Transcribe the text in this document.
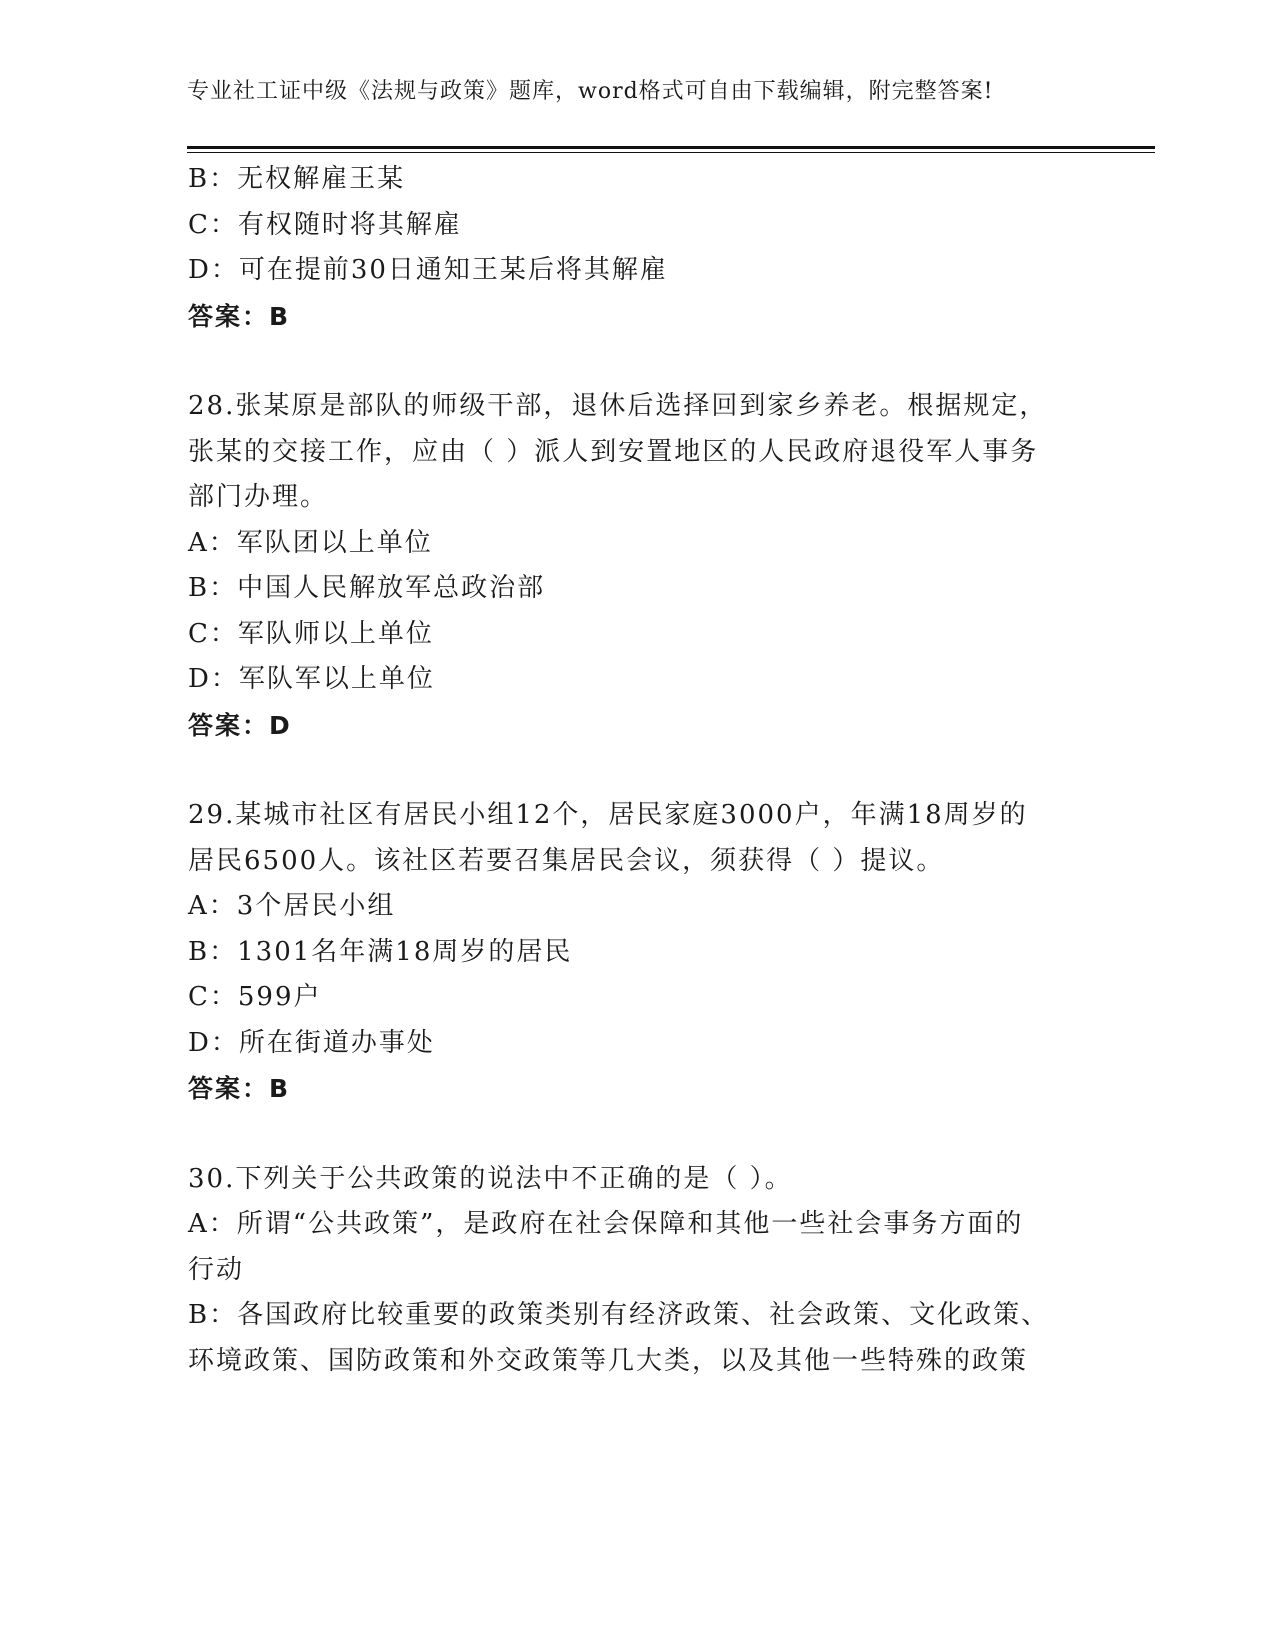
专业社工证中级《法规与政策》题库，word格式可自由下载编辑，附完整答案!
B：无权解雇王某
C：有权随时将其解雇
D：可在提前30日通知王某后将其解雇
答案：B
28.张某原是部队的师级干部，退休后选择回到家乡养老。根据规定，
张某的交接工作，应由（ ）派人到安置地区的人民政府退役军人事务
部门办理。
A：军队团以上单位
B：中国人民解放军总政治部
C：军队师以上单位
D：军队军以上单位
答案：D
29.某城市社区有居民小组12个，居民家庭3000户，年满18周岁的
居民6500人。该社区若要召集居民会议，须获得（ ）提议。
A：3个居民小组
B：1301名年满18周岁的居民
C：599户
D：所在街道办事处
答案：B
30.下列关于公共政策的说法中不正确的是（ ）。
A：所谓“公共政策”，是政府在社会保障和其他一些社会事务方面的
行动
B：各国政府比较重要的政策类别有经济政策、社会政策、文化政策、
环境政策、国防政策和外交政策等几大类，以及其他一些特殊的政策
